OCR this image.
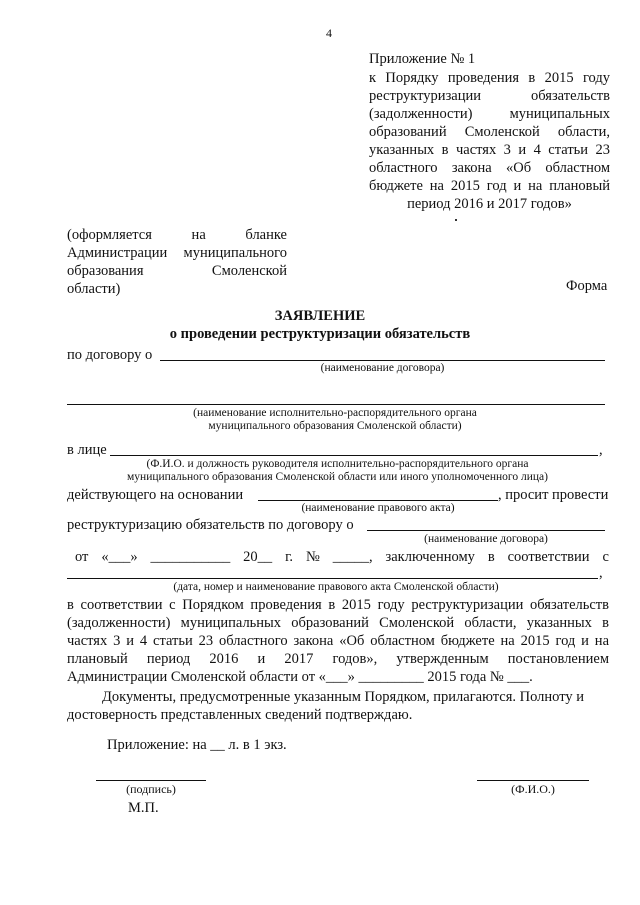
4
Приложение № 1
к Порядку проведения в 2015 году
реструктуризации обязательств
(задолженности) муниципальных
образований Смоленской области,
указанных в частях 3 и 4 статьи 23
областного закона «Об областном
бюджете на 2015 год и на плановый
период 2016 и 2017 годов»
(оформляется на бланке
Администрации муниципального
образования Смоленской
области)	Форма
ЗАЯВЛЕНИЕ
о проведении реструктуризации обязательств
по договору о
(наименование договора)
(наименование исполнительно-распорядительного органа
муниципального образования Смоленской области)
в лице	,
(Ф.И.О. и должность руководителя исполнительно-распорядительного органа
муниципального образования Смоленской области или иного уполномоченного лица)
действующего на основании	, просит провести
(наименование правового акта)
реструктуризацию обязательств по договору о
(наименование договора)
от «___» ___________ 20__ г. № _____, заключенному в соответствии с
,
(дата, номер и наименование правового акта Смоленской области)
в соответствии с Порядком проведения в 2015 году реструктуризации обязательств
(задолженности) муниципальных образований Смоленской области, указанных в
частях 3 и 4 статьи 23 областного закона «Об областном бюджете на 2015 год и на
плановый период 2016 и 2017 годов», утвержденным постановлением
Администрации Смоленской области от «___» _________ 2015 года № ___.
Документы, предусмотренные указанным Порядком, прилагаются. Полноту и
достоверность представленных сведений подтверждаю.
Приложение: на __ л. в 1 экз.
(подпись)	(Ф.И.О.)
М.П.
